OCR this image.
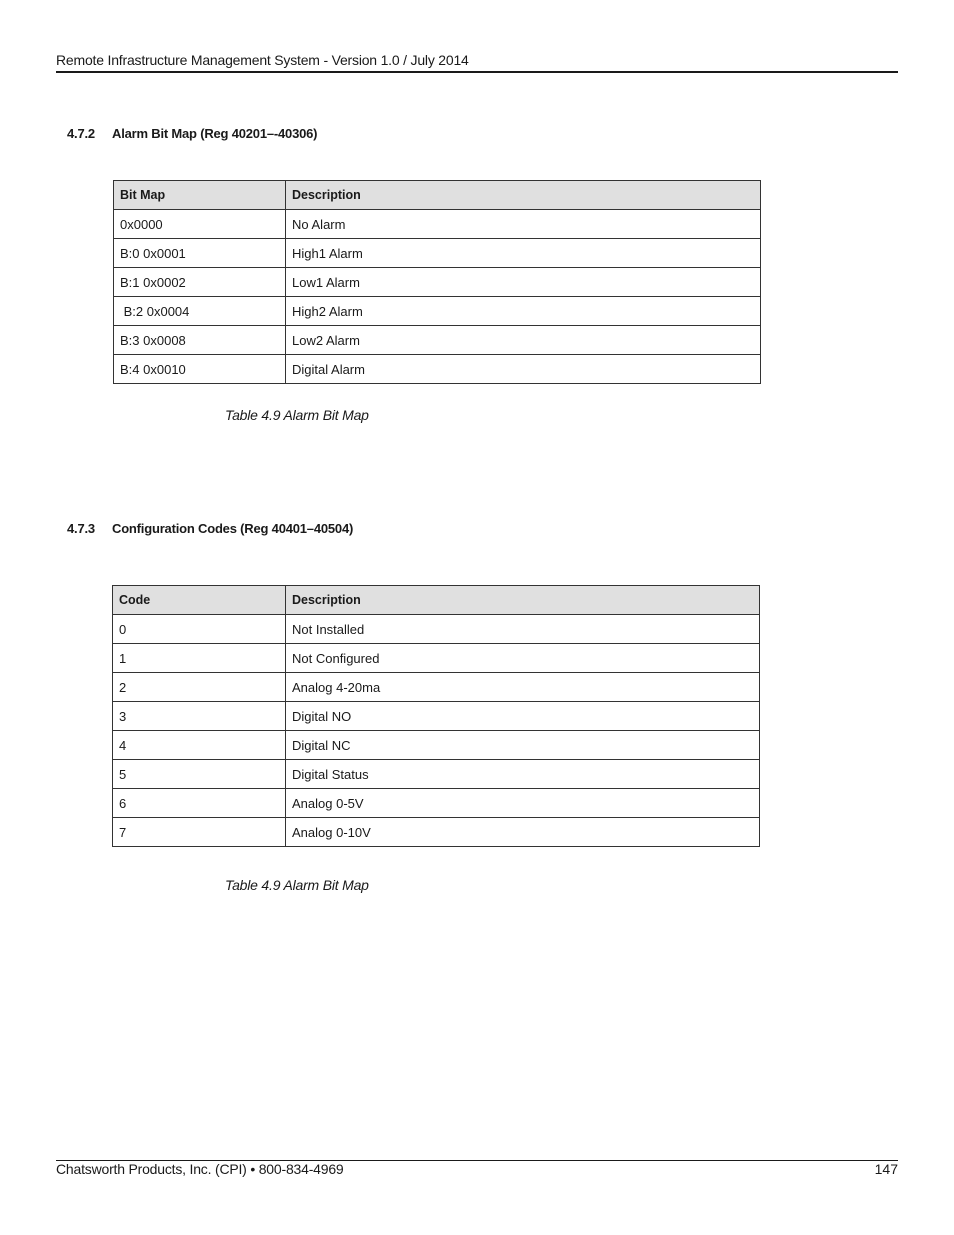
Remote Infrastructure Management System - Version 1.0 / July 2014
4.7.2 Alarm Bit Map (Reg 40201–-40306)
Bit Map	Description
0x0000	No Alarm
B:0 0x0001	High1 Alarm
B:1 0x0002	Low1 Alarm
B:2 0x0004	High2 Alarm
B:3 0x0008	Low2 Alarm
B:4 0x0010	Digital Alarm
Table 4.9 Alarm Bit Map
4.7.3 Configuration Codes (Reg 40401–40504)
Code	Description
0	Not Installed
1	Not Configured
2	Analog 4-20ma
3	Digital NO
4	Digital NC
5	Digital Status
6	Analog 0-5V
7	Analog 0-10V
Table 4.9 Alarm Bit Map
Chatsworth Products, Inc. (CPI) • 800-834-4969	147
